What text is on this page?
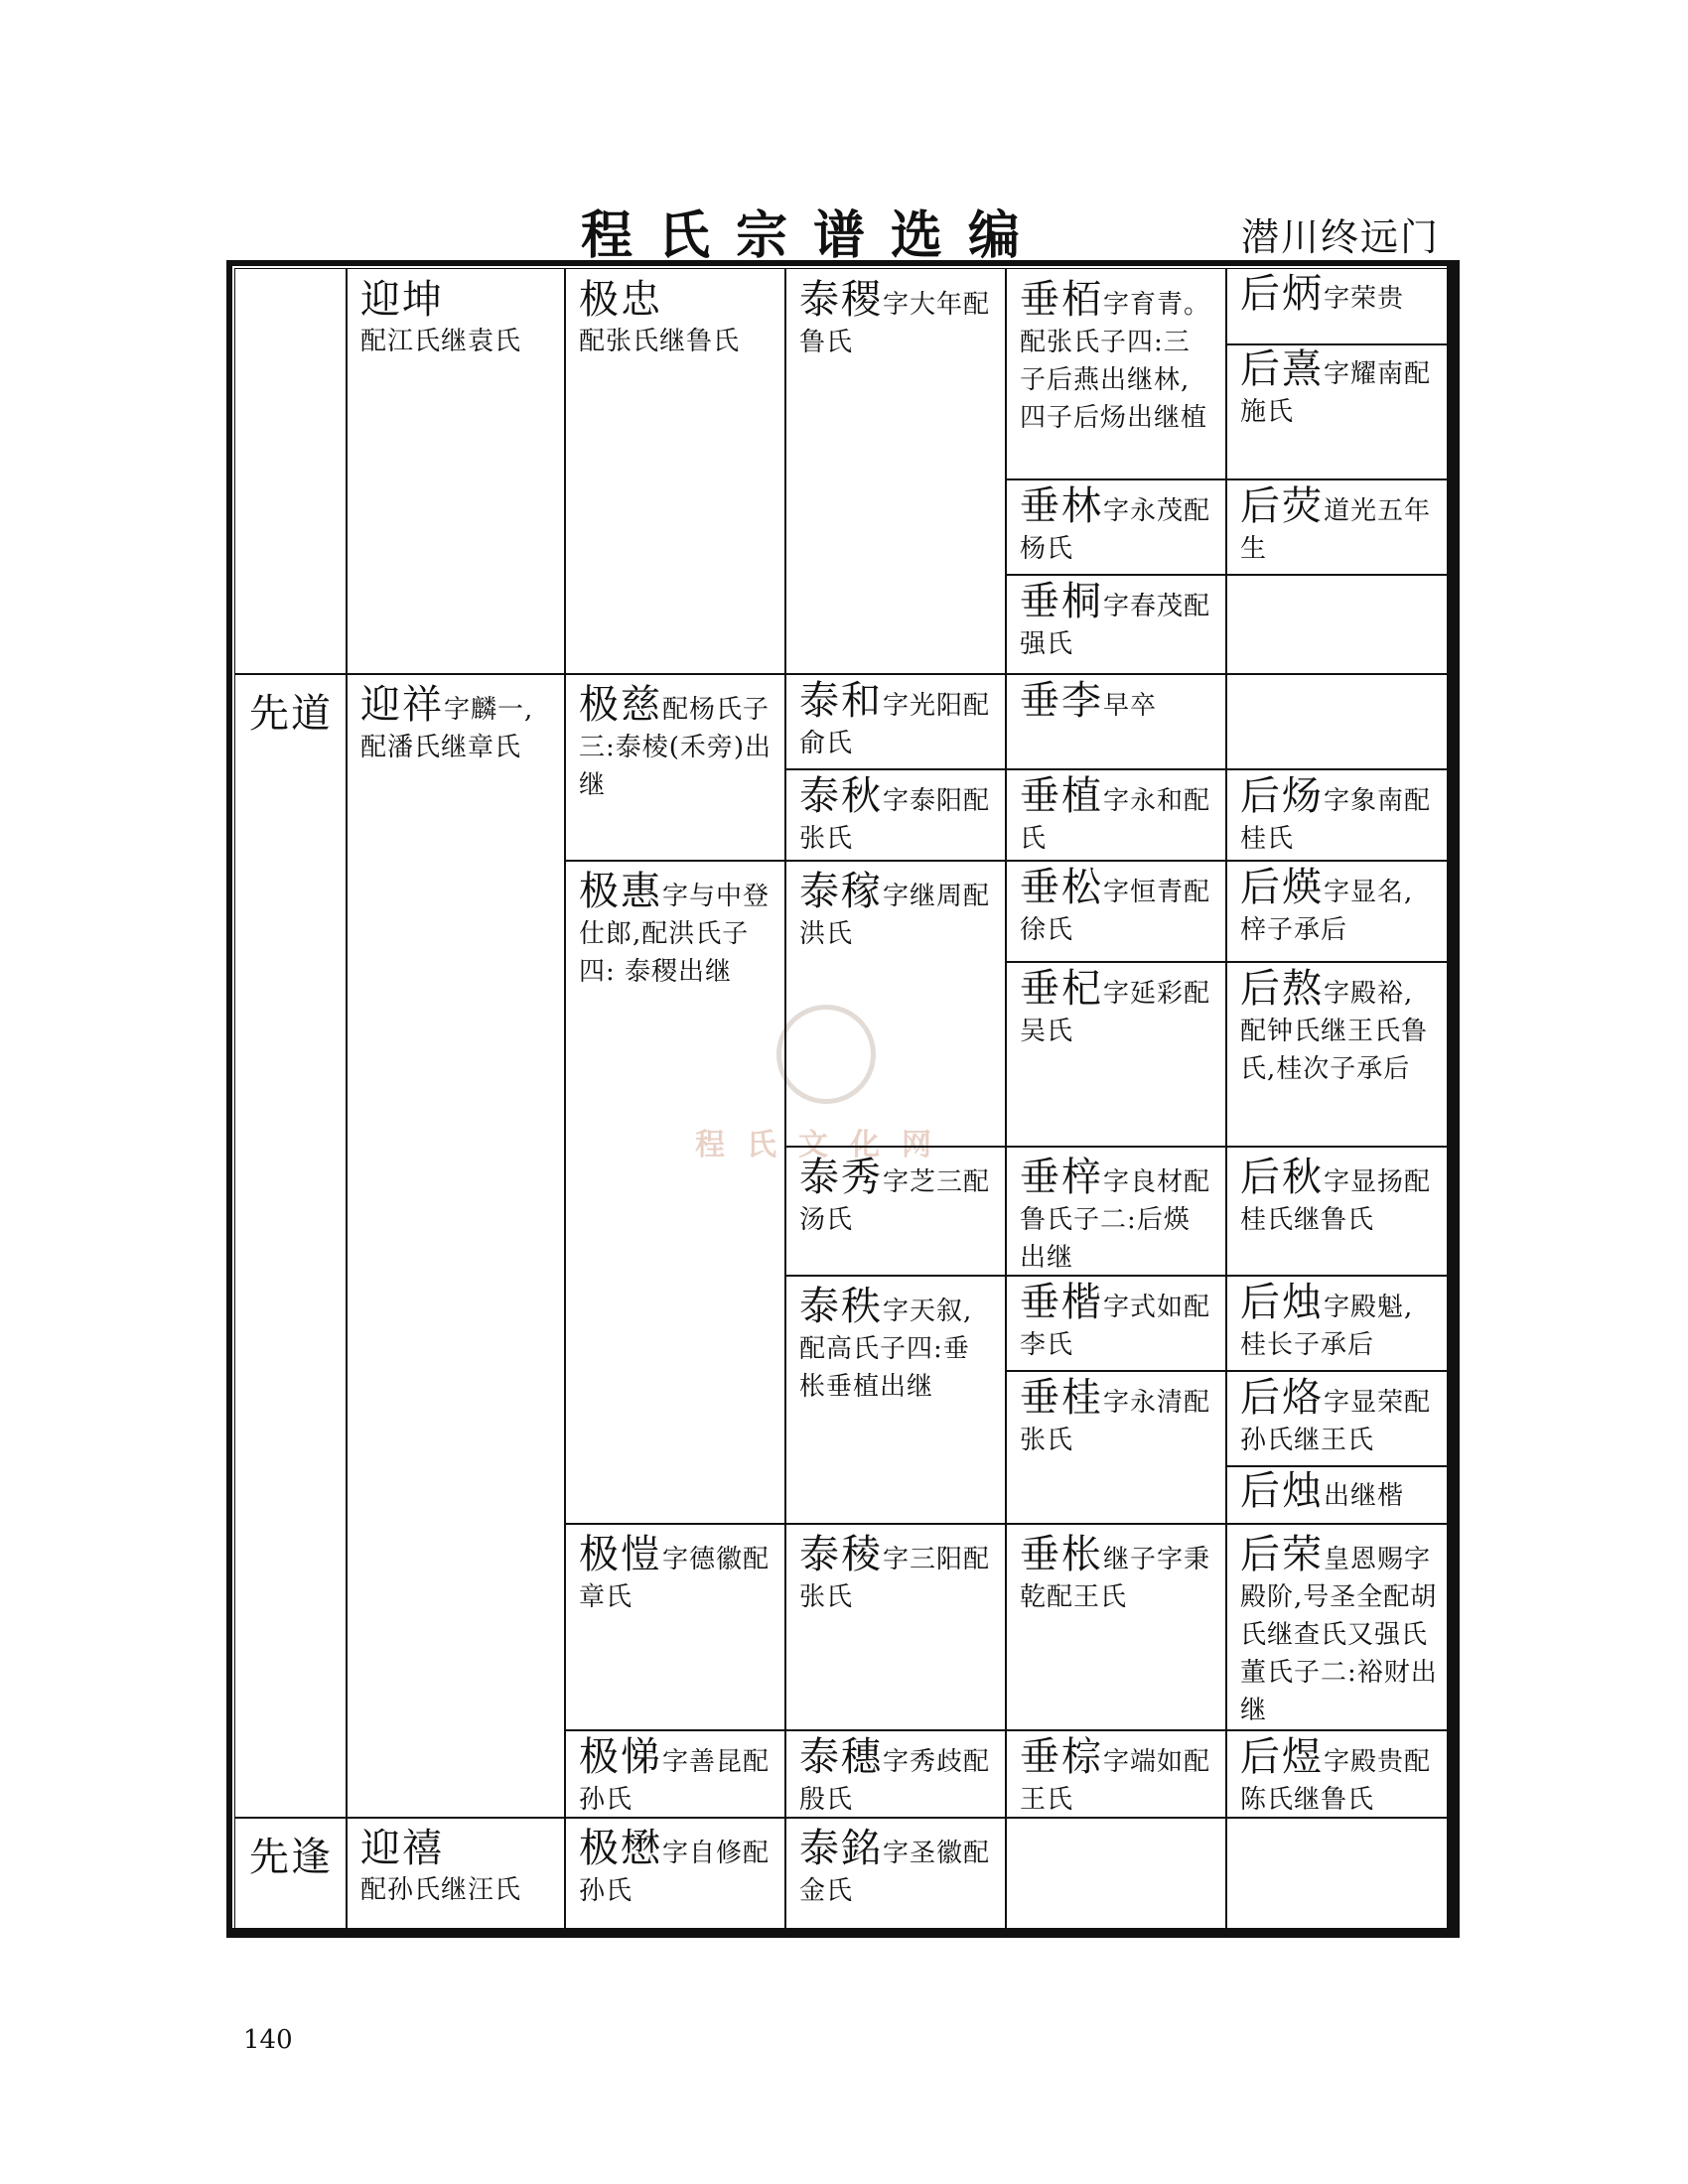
程氏宗谱选编	潜川终远门
程氏文化网
先道
先逢
迎坤
配江氏继袁氏
迎祥字麟一,配潘氏继章氏
迎禧
配孙氏继汪氏
极忠
配张氏继鲁氏
极慈配杨氏子三:泰棱(禾旁)出继
极惠字与中登仕郎,配洪氏子四: 泰稷出继
极愷字德徽配章氏
极悌字善昆配孙氏
极懋字自修配孙氏
泰稷字大年配鲁氏
泰和字光阳配俞氏
泰秋字泰阳配张氏
泰稼字继周配洪氏
泰秀字芝三配汤氏
泰秩字天叙,配高氏子四:垂枨垂植出继
泰稜字三阳配张氏
泰穗字秀歧配殷氏
泰銘字圣徽配金氏
垂栢字育青。配张氏子四:三子后燕出继林,四子后炀出继植
垂林字永茂配杨氏
垂桐字春茂配强氏
垂李早卒
垂植字永和配氏
垂松字恒青配徐氏
垂杞字延彩配吴氏
垂梓字良材配鲁氏子二:后煐出继
垂楷字式如配李氏
垂桂字永清配张氏
垂枨继子字秉乾配王氏
垂棕字端如配王氏
后炳字荣贵
后熹字耀南配施氏
后荧道光五年生
后炀字象南配桂氏
后煐字显名,梓子承后
后熬字殿裕,配钟氏继王氏鲁氏,桂次子承后
后秋字显扬配桂氏继鲁氏
后烛字殿魁,桂长子承后
后烙字显荣配孙氏继王氏
后烛出继楷
后荣皇恩赐字殿阶,号圣全配胡氏继查氏又强氏董氏子二:裕财出继
后煜字殿贵配陈氏继鲁氏
140
